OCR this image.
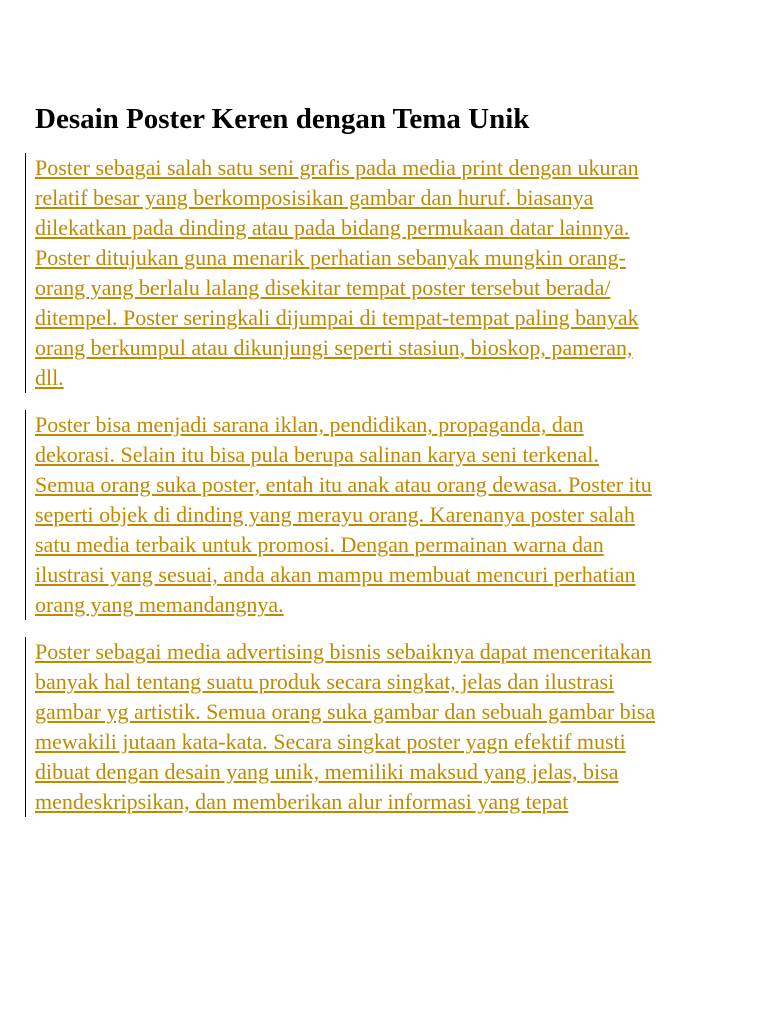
Desain Poster Keren dengan Tema Unik
Poster sebagai salah satu seni grafis pada media print dengan ukuran
relatif besar yang berkomposisikan gambar dan huruf. biasanya
dilekatkan pada dinding atau pada bidang permukaan datar lainnya.
Poster ditujukan guna menarik perhatian sebanyak mungkin orang-
orang yang berlalu lalang disekitar tempat poster tersebut berada/
ditempel. Poster seringkali dijumpai di tempat-tempat paling banyak
orang berkumpul atau dikunjungi seperti stasiun, bioskop, pameran,
dll.
Poster bisa menjadi sarana iklan, pendidikan, propaganda, dan
dekorasi. Selain itu bisa pula berupa salinan karya seni terkenal.
Semua orang suka poster, entah itu anak atau orang dewasa. Poster itu
seperti objek di dinding yang merayu orang. Karenanya poster salah
satu media terbaik untuk promosi. Dengan permainan warna dan
ilustrasi yang sesuai, anda akan mampu membuat mencuri perhatian
orang yang memandangnya.
Poster sebagai media advertising bisnis sebaiknya dapat menceritakan
banyak hal tentang suatu produk secara singkat, jelas dan ilustrasi
gambar yg artistik. Semua orang suka gambar dan sebuah gambar bisa
mewakili jutaan kata-kata. Secara singkat poster yagn efektif musti
dibuat dengan desain yang unik, memiliki maksud yang jelas, bisa
mendeskripsikan, dan memberikan alur informasi yang tepat
